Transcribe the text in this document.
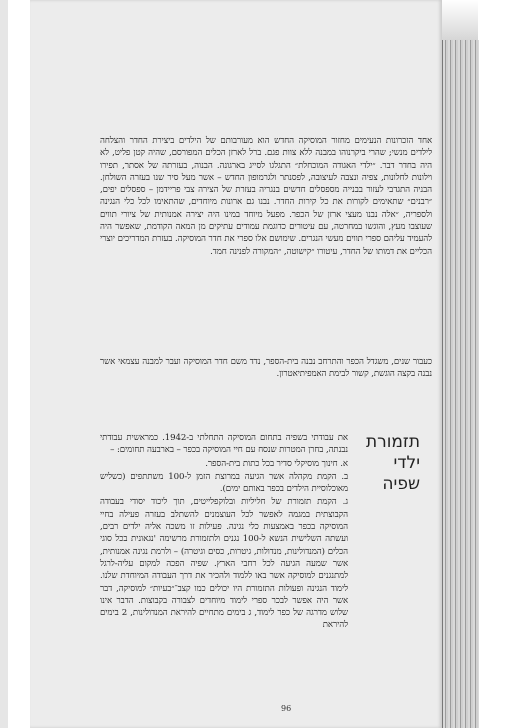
אחד הזכרונות הנעימים מחזור המוסיקה החדש הוא מעורבותם של הילדים ביצירת החדר והצלחה לילדים מנשי; שהרי ביקרנוהו במבנה ללא צוות פגם. ברל לארזן הכלים המפורסם, שהיה קטן פליט, לא היה בחדר דבר. ״ילדי האגודה המוכחלת״ התגלגו לסייג בארגונה. הבנוה, בעזרתה של אסתר, תפירו וילונות לחלונות, צפיה ונצבה לעיצובה, לפסנתר ולגרמופון החדש – אשר מעל סיר שנו בעזרה השולחן. הבניה התגדבי לעזור בבנייה מספסלים חדשים בנגריה בעזרת של הצירה צבי פריידמן – ספסלים יפים, ״רבנים״ שתאימים לקורות את כל קירות החדר. נבנו גם ארונות מיוחדים, שהתאימו לכל כלי הנגינה ולספריה, ״אלה נבנו מעצי ארזן של הכפר. מפעל מיוחד במינו היה יצירה אמנותית של ציורי תווים שעוצבו מעץ, והוגשו במחרטה, עם עיטורים כדוגמת עמודים עתיקים מן המאה הקודמת, שאפשר היה להעמיד עליהם ספרי תווים מעשי הנגרים. שימושם אלו ספרי את חדר המוסיקה. בעזרת המדריכים יוצרי הכליים את דמותו של החדר, עיטורו ״קישוטה, ״המקורה לפנינה חמד.

כעבור שנים, משגדל הכפר והתרחב נבנה בית-הספר, נדד משם חדר המוסיקה ועבר למבנה עצמאי אשר נבנה בקצה הוגשת, קשור לבימת האמפיתיאטרון.

תזמורת
ילדי
שפיה
את עבודתי בשפיה בתחום המוסיקה התחלתי ב-1942. כמראשית עבודתי נבנתה, בחרן המטרות שנסח עם חיי המוסיקה בכפר – בארבעה תחומים: –
א. חינוך מוסיקלי סדיר בכל כתות בית-הספר.
ב. הקמת מקהלה אשר הגיעה במרוצת הזמן ל-100 משתתפים (כשליש מאוכלוסיית הילדים בכפר באותם ימים).
ג. הקמת תזמורת של חליליות ובלוקפלייטים, תוך ליכוד יסודי בעבודה הקבוצתית במגמה לאפשר לכל העוצמנים להשתלב בעזרה פעילה בחיי המוסיקה בכפר באמצעות כלי נגינה. פעילות זו משכה אליה ילדים רבים, ועשתה השלישית הנשא ל-100 נגנים ולתזמורת מרשימה 'נגאונית בכל סוגי הכלים (המנדולינות, מנדולות, גיטרות, כסים וגיטרה) – ולרמת נגינה אמנותית, אשר שמעה הגיעה לכל רחבי הארץ. שפיה הפכה למקום עליה-לרגל למתנגנים למוסיקה אשר באו ללמוד ולהכיר את דרך העבודה המיוחדת שלנו. לימוד הנגינה ופעולות התזמורת היו יכולים כמו קצב־״בעיות״ למוסיקה, דבר אשר היה אפשר לבכר ספרי לימוד מיוחדים לצבורה בקבוצות. הדבר אינו שלוש מדרגה של כפר לימוד, ג בימים מתחיים להיראת המנדולינות, 2 בימים להיראת
96
